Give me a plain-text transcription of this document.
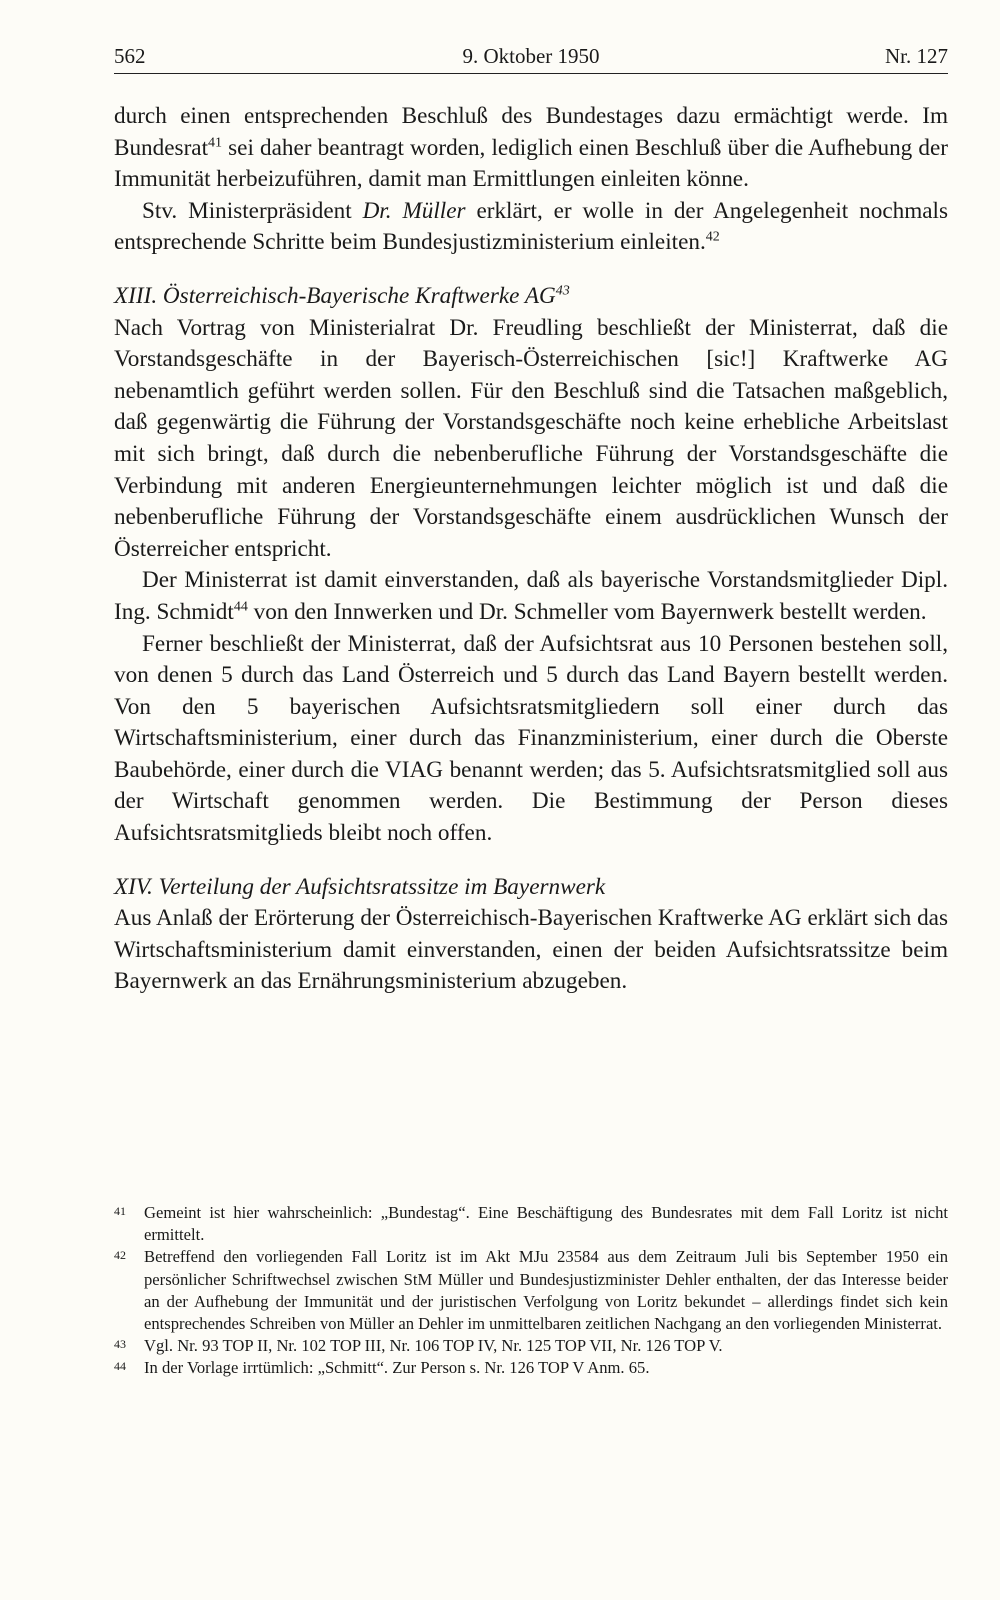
562	9. Oktober 1950	Nr. 127

durch einen entsprechenden Beschluß des Bundestages dazu ermächtigt werde. Im Bundesrat$^{41}$ sei daher beantragt worden, lediglich einen Beschluß über die Aufhebung der Immunität herbeizuführen, damit man Ermittlungen einleiten könne.

Stv. Ministerpräsident Dr. Müller erklärt, er wolle in der Angelegenheit nochmals entsprechende Schritte beim Bundesjustizministerium einleiten.$^{42}$

XIII. Österreichisch-Bayerische Kraftwerke AG$^{43}$

Nach Vortrag von Ministerialrat Dr. Freudling beschließt der Ministerrat, daß die Vorstandsgeschäfte in der Bayerisch-Österreichischen [sic!] Kraftwerke AG nebenamtlich geführt werden sollen. Für den Beschluß sind die Tatsachen maßgeblich, daß gegenwärtig die Führung der Vorstandsgeschäfte noch keine erhebliche Arbeitslast mit sich bringt, daß durch die nebenberufliche Führung der Vorstandsgeschäfte die Verbindung mit anderen Energieunternehmungen leichter möglich ist und daß die nebenberufliche Führung der Vorstandsgeschäfte einem ausdrücklichen Wunsch der Österreicher entspricht.

Der Ministerrat ist damit einverstanden, daß als bayerische Vorstandsmitglieder Dipl. Ing. Schmidt$^{44}$ von den Innwerken und Dr. Schmeller vom Bayernwerk bestellt werden.

Ferner beschließt der Ministerrat, daß der Aufsichtsrat aus 10 Personen bestehen soll, von denen 5 durch das Land Österreich und 5 durch das Land Bayern bestellt werden. Von den 5 bayerischen Aufsichtsratsmitgliedern soll einer durch das Wirtschaftsministerium, einer durch das Finanzministerium, einer durch die Oberste Baubehörde, einer durch die VIAG benannt werden; das 5. Aufsichtsratsmitglied soll aus der Wirtschaft genommen werden. Die Bestimmung der Person dieses Aufsichtsratsmitglieds bleibt noch offen.

XIV. Verteilung der Aufsichtsratssitze im Bayernwerk

Aus Anlaß der Erörterung der Österreichisch-Bayerischen Kraftwerke AG erklärt sich das Wirtschaftsministerium damit einverstanden, einen der beiden Aufsichtsratssitze beim Bayernwerk an das Ernährungsministerium abzugeben.

41 Gemeint ist hier wahrscheinlich: „Bundestag“. Eine Beschäftigung des Bundesrates mit dem Fall Loritz ist nicht ermittelt.

42 Betreffend den vorliegenden Fall Loritz ist im Akt MJu 23584 aus dem Zeitraum Juli bis September 1950 ein persönlicher Schriftwechsel zwischen StM Müller und Bundesjustizminister Dehler enthalten, der das Interesse beider an der Aufhebung der Immunität und der juristischen Verfolgung von Loritz bekundet – allerdings findet sich kein entsprechendes Schreiben von Müller an Dehler im unmittelbaren zeitlichen Nachgang an den vorliegenden Ministerrat.

43 Vgl. Nr. 93 TOP II, Nr. 102 TOP III, Nr. 106 TOP IV, Nr. 125 TOP VII, Nr. 126 TOP V.

44 In der Vorlage irrtümlich: „Schmitt“. Zur Person s. Nr. 126 TOP V Anm. 65.
